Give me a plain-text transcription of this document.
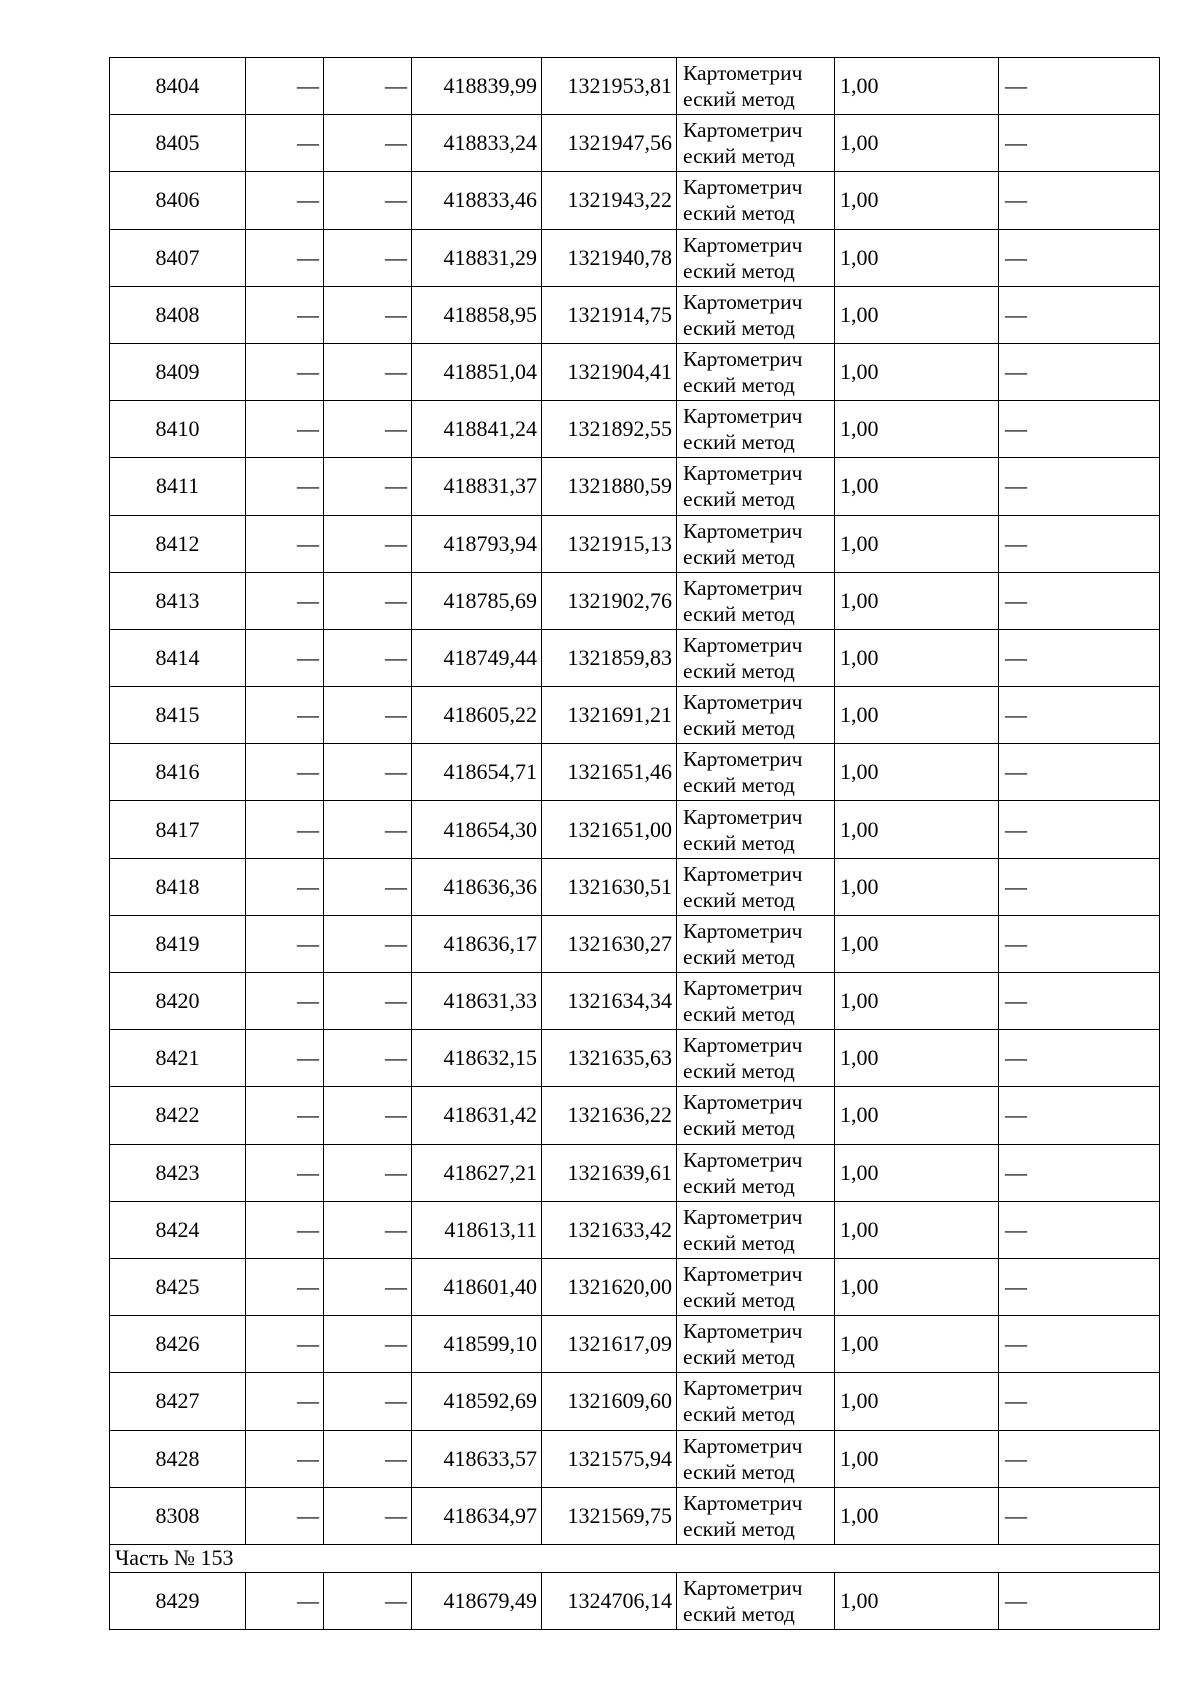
8404	—	—	418839,99	1321953,81	Картометрич
еский метод	1,00	—
8405	—	—	418833,24	1321947,56	Картометрич
еский метод	1,00	—
8406	—	—	418833,46	1321943,22	Картометрич
еский метод	1,00	—
8407	—	—	418831,29	1321940,78	Картометрич
еский метод	1,00	—
8408	—	—	418858,95	1321914,75	Картометрич
еский метод	1,00	—
8409	—	—	418851,04	1321904,41	Картометрич
еский метод	1,00	—
8410	—	—	418841,24	1321892,55	Картометрич
еский метод	1,00	—
8411	—	—	418831,37	1321880,59	Картометрич
еский метод	1,00	—
8412	—	—	418793,94	1321915,13	Картометрич
еский метод	1,00	—
8413	—	—	418785,69	1321902,76	Картометрич
еский метод	1,00	—
8414	—	—	418749,44	1321859,83	Картометрич
еский метод	1,00	—
8415	—	—	418605,22	1321691,21	Картометрич
еский метод	1,00	—
8416	—	—	418654,71	1321651,46	Картометрич
еский метод	1,00	—
8417	—	—	418654,30	1321651,00	Картометрич
еский метод	1,00	—
8418	—	—	418636,36	1321630,51	Картометрич
еский метод	1,00	—
8419	—	—	418636,17	1321630,27	Картометрич
еский метод	1,00	—
8420	—	—	418631,33	1321634,34	Картометрич
еский метод	1,00	—
8421	—	—	418632,15	1321635,63	Картометрич
еский метод	1,00	—
8422	—	—	418631,42	1321636,22	Картометрич
еский метод	1,00	—
8423	—	—	418627,21	1321639,61	Картометрич
еский метод	1,00	—
8424	—	—	418613,11	1321633,42	Картометрич
еский метод	1,00	—
8425	—	—	418601,40	1321620,00	Картометрич
еский метод	1,00	—
8426	—	—	418599,10	1321617,09	Картометрич
еский метод	1,00	—
8427	—	—	418592,69	1321609,60	Картометрич
еский метод	1,00	—
8428	—	—	418633,57	1321575,94	Картометрич
еский метод	1,00	—
8308	—	—	418634,97	1321569,75	Картометрич
еский метод	1,00	—
Часть № 153							
8429	—	—	418679,49	1324706,14	Картометрич
еский метод	1,00	—
